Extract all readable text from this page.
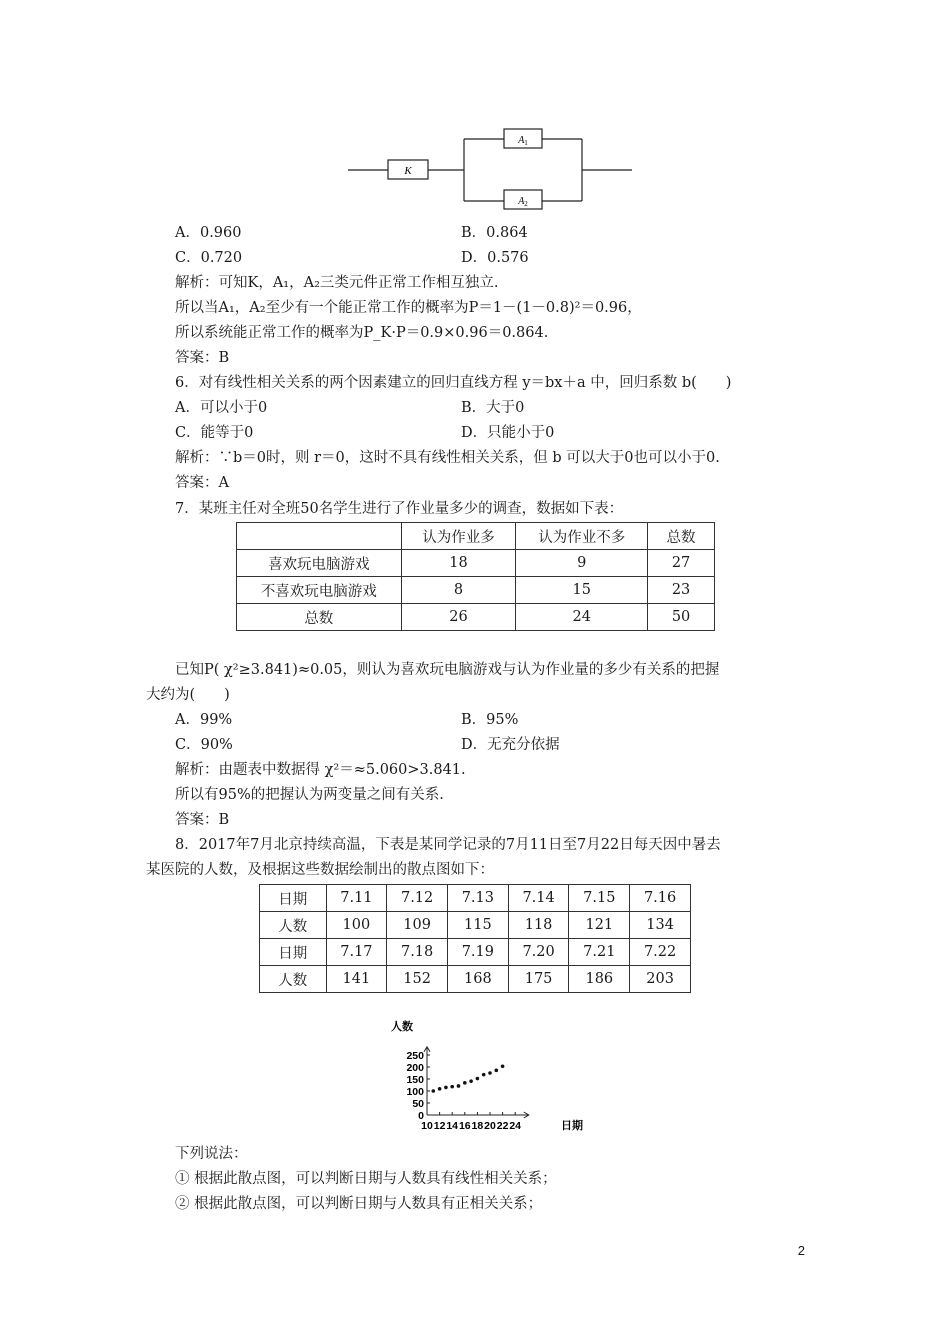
K
$A_1$
$A_2$
A．0.960	B．0.864
C．0.720	D．0.576
解析：可知K，A₁，A₂三类元件正常工作相互独立.
所以当A₁，A₂至少有一个能正常工作的概率为P＝1－(1－0.8)²＝0.96，
所以系统能正常工作的概率为P_K·P＝0.9×0.96＝0.864.
答案：B
6．对有线性相关关系的两个因素建立的回归直线方程 y＝bx＋a 中，回归系数 b(　　)
A．可以小于0	B．大于0
C．能等于0	D．只能小于0
解析：∵b＝0时，则 r＝0，这时不具有线性相关关系，但 b 可以大于0也可以小于0.
答案：A
7．某班主任对全班50名学生进行了作业量多少的调查，数据如下表：
	认为作业多	认为作业不多	总数
喜欢玩电脑游戏	18	9	27
不喜欢玩电脑游戏	8	15	23
总数	26	24	50
已知P( χ²≥3.841)≈0.05，则认为喜欢玩电脑游戏与认为作业量的多少有关系的把握
大约为(　　)
A．99%	B．95%
C．90%	D．无充分依据
解析：由题表中数据得 χ²＝≈5.060>3.841.
所以有95%的把握认为两变量之间有关系.
答案：B
8．2017年7月北京持续高温，下表是某同学记录的7月11日至7月22日每天因中暑去
某医院的人数，及根据这些数据绘制出的散点图如下：
日期	7.11	7.12	7.13	7.14	7.15	7.16
人数	100	109	115	118	121	134
日期	7.17	7.18	7.19	7.20	7.21	7.22
人数	141	152	168	175	186	203
10 12 14 16 18 20 22 24
0
50
100
150
200
250
人数
日期
下列说法：
① 根据此散点图，可以判断日期与人数具有线性相关关系；
② 根据此散点图，可以判断日期与人数具有正相关关系；
2
